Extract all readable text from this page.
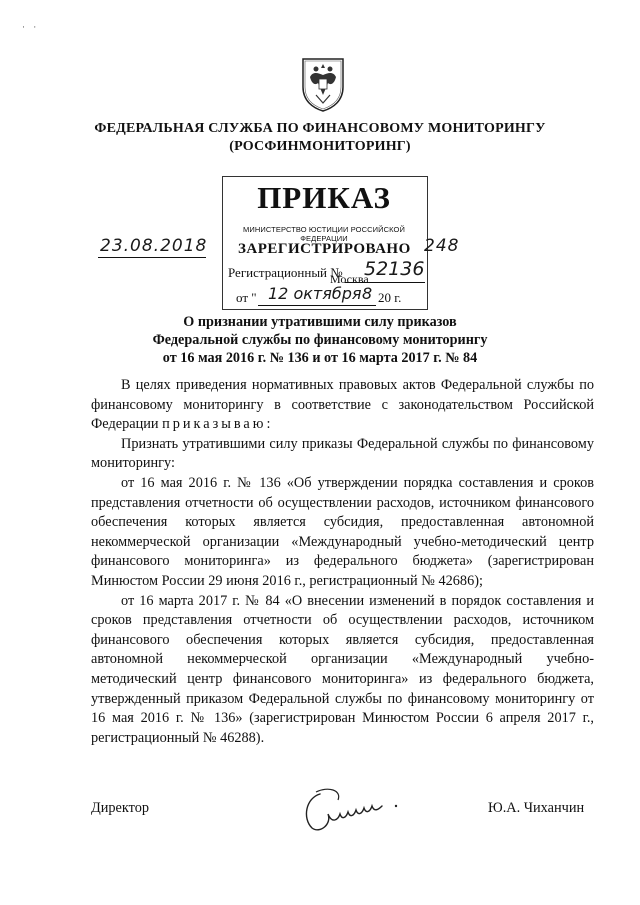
· ·
ФЕДЕРАЛЬНАЯ СЛУЖБА ПО ФИНАНСОВОМУ МОНИТОРИНГУ
(РОСФИНМОНИТОРИНГ)
ПРИКАЗ
МИНИСТЕРСТВО ЮСТИЦИИ РОССИЙСКОЙ ФЕДЕРАЦИИ
ЗАРЕГИСТРИРОВАНО
Регистрационный №
Москва
от "	20 г.
23.08.2018	248
52136
12 октября 8
О признании утратившими силу приказов
Федеральной службы по финансовому мониторингу
от 16 мая 2016 г. № 136 и от 16 марта 2017 г. № 84

В целях приведения нормативных правовых актов Федеральной службы по финансовому мониторингу в соответствие с законодательством Российской Федерации приказываю:

Признать утратившими силу приказы Федеральной службы по финансовому мониторингу:

от 16 мая 2016 г. № 136 «Об утверждении порядка составления и сроков представления отчетности об осуществлении расходов, источником финансового обеспечения которых является субсидия, предоставленная автономной некоммерческой организации «Международный учебно-методический центр финансового мониторинга» из федерального бюджета» (зарегистрирован Минюстом России 29 июня 2016 г., регистрационный № 42686);

от 16 марта 2017 г. № 84 «О внесении изменений в порядок составления и сроков представления отчетности об осуществлении расходов, источником финансового обеспечения которых является субсидия, предоставленная автономной некоммерческой организации «Международный учебно-методический центр финансового мониторинга» из федерального бюджета, утвержденный приказом Федеральной службы по финансовому мониторингу от 16 мая 2016 г. № 136» (зарегистрирован Минюстом России 6 апреля 2017 г., регистрационный № 46288).

Директор	Ю.А. Чиханчин
